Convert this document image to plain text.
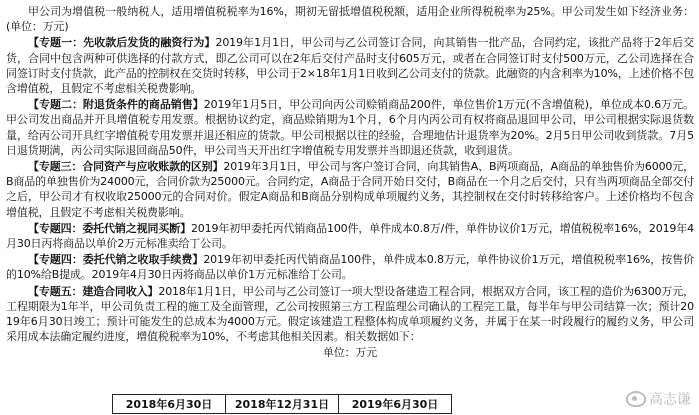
甲公司为增值税一般纳税人，适用增值税税率为16%，期初无留抵增值税税额，适用企业所得税税率为25%。甲公司发生如下经济业务：(单位：万元)

【专题一：先收款后发货的融资行为】2019年1月1日，甲公司与乙公司签订合同，向其销售一批产品，合同约定，该批产品将于2年后交货，合同中包含两种可供选择的付款方式，即乙公司可以在2年后交付产品时支付605万元，或者在合同签订时支付500万元，乙公司选择在合同签订时支付货款，此产品的控制权在交货时转移，甲公司于2×18年1月1日收到乙公司支付的货款。此融资的内含利率为10%，上述价格不包含增值税，且假定不考虑相关税费影响。

【专题二：附退货条件的商品销售】2019年1月5日，甲公司向丙公司赊销商品200件，单位售价1万元(不含增值税)，单位成本0.6万元。甲公司发出商品并开具增值税专用发票。根据协议约定，商品赊销期为1个月，6个月内丙公司有权将商品退回甲公司，甲公司根据实际退货数量，给丙公司开具红字增值税专用发票并退还相应的货款。甲公司根据以往的经验，合理地估计退货率为20%。2月5日甲公司收到货款。7月5日退货期满，丙公司实际退回商品50件，甲公司当天开出红字增值税专用发票并当即退还货款，收到退货。

【专题三：合同资产与应收账款的区别】2019年3月1日，甲公司与客户签订合同，向其销售A、B两项商品，A商品的单独售价为6000元，B商品的单独售价为24000元，合同价款为25000元。合同约定，A商品于合同开始日交付，B商品在一个月之后交付，只有当两项商品全部交付之后，甲公司才有权收取25000元的合同对价。假定A商品和B商品分别构成单项履约义务，其控制权在交付时转移给客户。上述价格均不包含增值税，且假定不考虑相关税费影响。

【专题四：委托代销之视同买断】2019年初甲委托丙代销商品100件，单件成本0.8万/件，单件协议价1万元，增值税税率16%，2019年4月30日丙将商品以单价2万元标准卖给丁公司。

【专题四：委托代销之收取手续费】2019年初甲委托丙代销商品100件，单件成本0.8万元，单件协议价1万元，增值税税率16%，按售价的10%给B提成。2019年4月30日丙将商品以单价1万元标准给丁公司。

【专题五：建造合同收入】2018年1月1日，甲公司与乙公司签订一项大型设备建造工程合同，根据双方合同，该工程的造价为6300万元，工程期限为1年半，甲公司负责工程的施工及全面管理，乙公司按照第三方工程监理公司确认的工程完工量，每半年与甲公司结算一次；预计2019年6月30日竣工；预计可能发生的总成本为4000万元。假定该建造工程整体构成单项履约义务，并属于在某一时段履行的履约义务，甲公司采用成本法确定履约进度，增值税税率为10%，不考虑其他相关因素。相关数据如下：

单位：万元

2018年6月30日	2018年12月31日	2019年6月30日	高志谦
